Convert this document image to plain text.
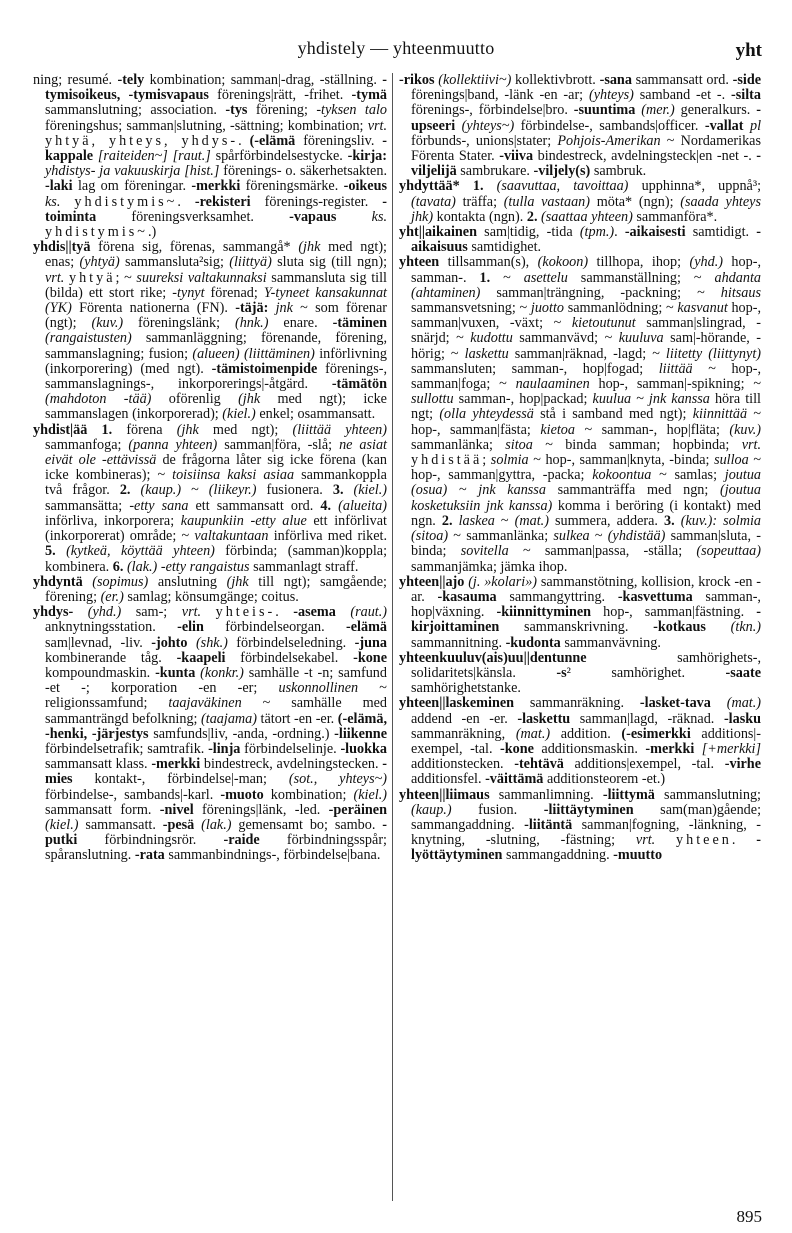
yhdistely — yhteenmuutto	yht

ning; resumé. -tely kombination; samman|-drag, -ställning. -tymisoikeus, -tymisvapaus förenings|rätt, -frihet. -tymä sammanslutning; association. -tys förening; -tyksen talo föreningshus; samman|slutning, -sättning; kombination; vrt. yhtyä, yhteys, yhdys-. (-elämä föreningsliv. -kappale [raiteiden~] [raut.] spårförbindelsestycke. -kirja: yhdistys- ja vakuuskirja [hist.] förenings- o. säkerhetsakten. -laki lag om föreningar. -merkki föreningsmärke. -oikeus ks. yhdistymis~. -rekisteri förenings-register. -toiminta föreningsverksamhet. -vapaus ks. yhdistymis~.)

yhdis||tyä förena sig, förenas, sammangå* (jhk med ngt); enas; (yhtyä) sammansluta²sig; (liittyä) sluta sig (till ngn); vrt. yhtyä; ~ suureksi valtakunnaksi sammansluta sig till (bilda) ett stort rike; -tynyt förenad; Y-tyneet kansakunnat (YK) Förenta nationerna (FN). -täjä: jnk ~ som förenar (ngt); (kuv.) föreningslänk; (hnk.) enare. -täminen (rangaistusten) sammanläggning; förenande, förening, sammanslagning; fusion; (alueen) (liittäminen) införlivning (inkorporering) (med ngt). -tämistoimenpide förenings-, sammanslagnings-, inkorporerings|-åtgärd. -tämätön (mahdoton -tää) oförenlig (jhk med ngt); icke sammanslagen (inkorporerad); (kiel.) enkel; osammansatt.

yhdist|ää 1. förena (jhk med ngt); (liittää yhteen) sammanfoga; (panna yhteen) samman|föra, -slå; ne asiat eivät ole -ettävissä de frågorna låter sig icke förena (kan icke kombineras); ~ toisiinsa kaksi asiaa sammankoppla två frågor. 2. (kaup.) ~ (liikeyr.) fusionera. 3. (kiel.) sammansätta; -etty sana ett sammansatt ord. 4. (alueita) införliva, inkorporera; kaupunkiin -etty alue ett införlivat (inkorporerat) område; ~ valtakuntaan införliva med riket. 5. (kytkeä, köyttää yhteen) förbinda; (samman)koppla; kombinera. 6. (lak.) -etty rangaistus sammanlagt straff.

yhdyntä (sopimus) anslutning (jhk till ngt); samgående; förening; (er.) samlag; könsumgänge; coitus.

yhdys- (yhd.) sam-; vrt. yhteis-. -asema (raut.) anknytningsstation. -elin förbindelseorgan. -elämä sam|levnad, -liv. -johto (shk.) förbindelseledning. -juna kombinerande tåg. -kaapeli förbindelsekabel. -kone kompoundmaskin. -kunta (konkr.) samhälle -t -n; samfund -et -; korporation -en -er; uskonnollinen ~ religionssamfund; taajaväkinen ~ samhälle med sammanträngd befolkning; (taajama) tätort -en -er. (-elämä, -henki, -järjestys samfunds|liv, -anda, -ordning.) -liikenne förbindelsetrafik; samtrafik. -linja förbindelselinje. -luokka sammansatt klass. -merkki bindestreck, avdelningstecken. -mies kontakt-, förbindelse|-man; (sot., yhteys~) förbindelse-, sambands|-karl. -muoto kombination; (kiel.) sammansatt form. -nivel förenings|länk, -led. -peräinen (kiel.) sammansatt. -pesä (lak.) gemensamt bo; sambo. -putki förbindningsrör. -raide förbindningsspår; spåranslutning. -rata sammanbindnings-, förbindelse|bana.

-rikos (kollektiivi~) kollektivbrott. -sana sammansatt ord. -side förenings|band, -länk -en -ar; (yhteys) samband -et -. -silta förenings-, förbindelse|bro. -suuntima (mer.) generalkurs. -upseeri (yhteys~) förbindelse-, sambands|officer. -vallat pl förbunds-, unions|stater; Pohjois-Amerikan ~ Nordamerikas Förenta Stater. -viiva bindestreck, avdelningsteck|en -net -. -viljelijä sambrukare. -viljely(s) sambruk.

yhdyttää* 1. (saavuttaa, tavoittaa) upphinna*, uppnå³; (tavata) träffa; (tulla vastaan) möta* (ngn); (saada yhteys jhk) kontakta (ngn). 2. (saattaa yhteen) sammanföra*.

yht||aikainen sam|tidig, -tida (tpm.). -aikaisesti samtidigt. -aikaisuus samtidighet.

yhteen tillsamman(s), (kokoon) tillhopa, ihop; (yhd.) hop-, samman-. 1. ~ asettelu sammanställning; ~ ahdanta (ahtaminen) samman|trängning, -packning; ~ hitsaus sammansvetsning; ~ juotto sammanlödning; ~ kasvanut hop-, samman|vuxen, -växt; ~ kietoutunut samman|slingrad, -snärjd; ~ kudottu sammanvävd; ~ kuuluva sam|-hörande, -hörig; ~ laskettu samman|räknad, -lagd; ~ liitetty (liittynyt) sammansluten; samman-, hop|fogad; liittää ~ hop-, samman|foga; ~ naulaaminen hop-, samman|-spikning; ~ sullottu samman-, hop|packad; kuulua ~ jnk kanssa höra till ngt; (olla yhteydessä stå i samband med ngt); kiinnittää ~ hop-, samman|fästa; kietoa ~ samman-, hop|fläta; (kuv.) sammanlänka; sitoa ~ binda samman; hopbinda; vrt. yhdistää; solmia ~ hop-, samman|knyta, -binda; sulloa ~ hop-, samman|gyttra, -packa; kokoontua ~ samlas; joutua (osua) ~ jnk kanssa sammanträffa med ngn; (joutua kosketuksiin jnk kanssa) komma i beröring (i kontakt) med ngn. 2. laskea ~ (mat.) summera, addera. 3. (kuv.): solmia (sitoa) ~ sammanlänka; sulkea ~ (yhdistää) samman|sluta, -binda; sovitella ~ samman|passa, -ställa; (sopeuttaa) sammanjämka; jämka ihop.

yhteen||ajo (j. »kolari») sammanstötning, kollision, krock -en -ar. -kasauma sammangyttring. -kasvettuma samman-, hop|växning. -kiinnittyminen hop-, samman|fästning. -kirjoittaminen sammanskrivning. -kotkaus (tkn.) sammannitning. -kudonta sammanvävning.

yhteenkuuluv(ais)uu||dentunne samhörighets-, solidaritets|känsla. -s² samhörighet. -saate samhörighetstanke.

yhteen||laskeminen sammanräkning. -lasket-tava (mat.) addend -en -er. -laskettu samman|lagd, -räknad. -lasku sammanräkning, (mat.) addition. (-esimerkki additions|-exempel, -tal. -kone additionsmaskin. -merkki [+merkki] additionstecken. -tehtävä additions|exempel, -tal. -virhe additionsfel. -väittämä additionsteorem -et.)

yhteen||liimaus sammanlimning. -liittymä sammanslutning; (kaup.) fusion. -liittäytyminen sam(man)gående; sammangaddning. -liitäntä samman|fogning, -länkning, -knytning, -slutning, -fästning; vrt. yhteen. -lyöttäytyminen sammangaddning. -muutto

895
